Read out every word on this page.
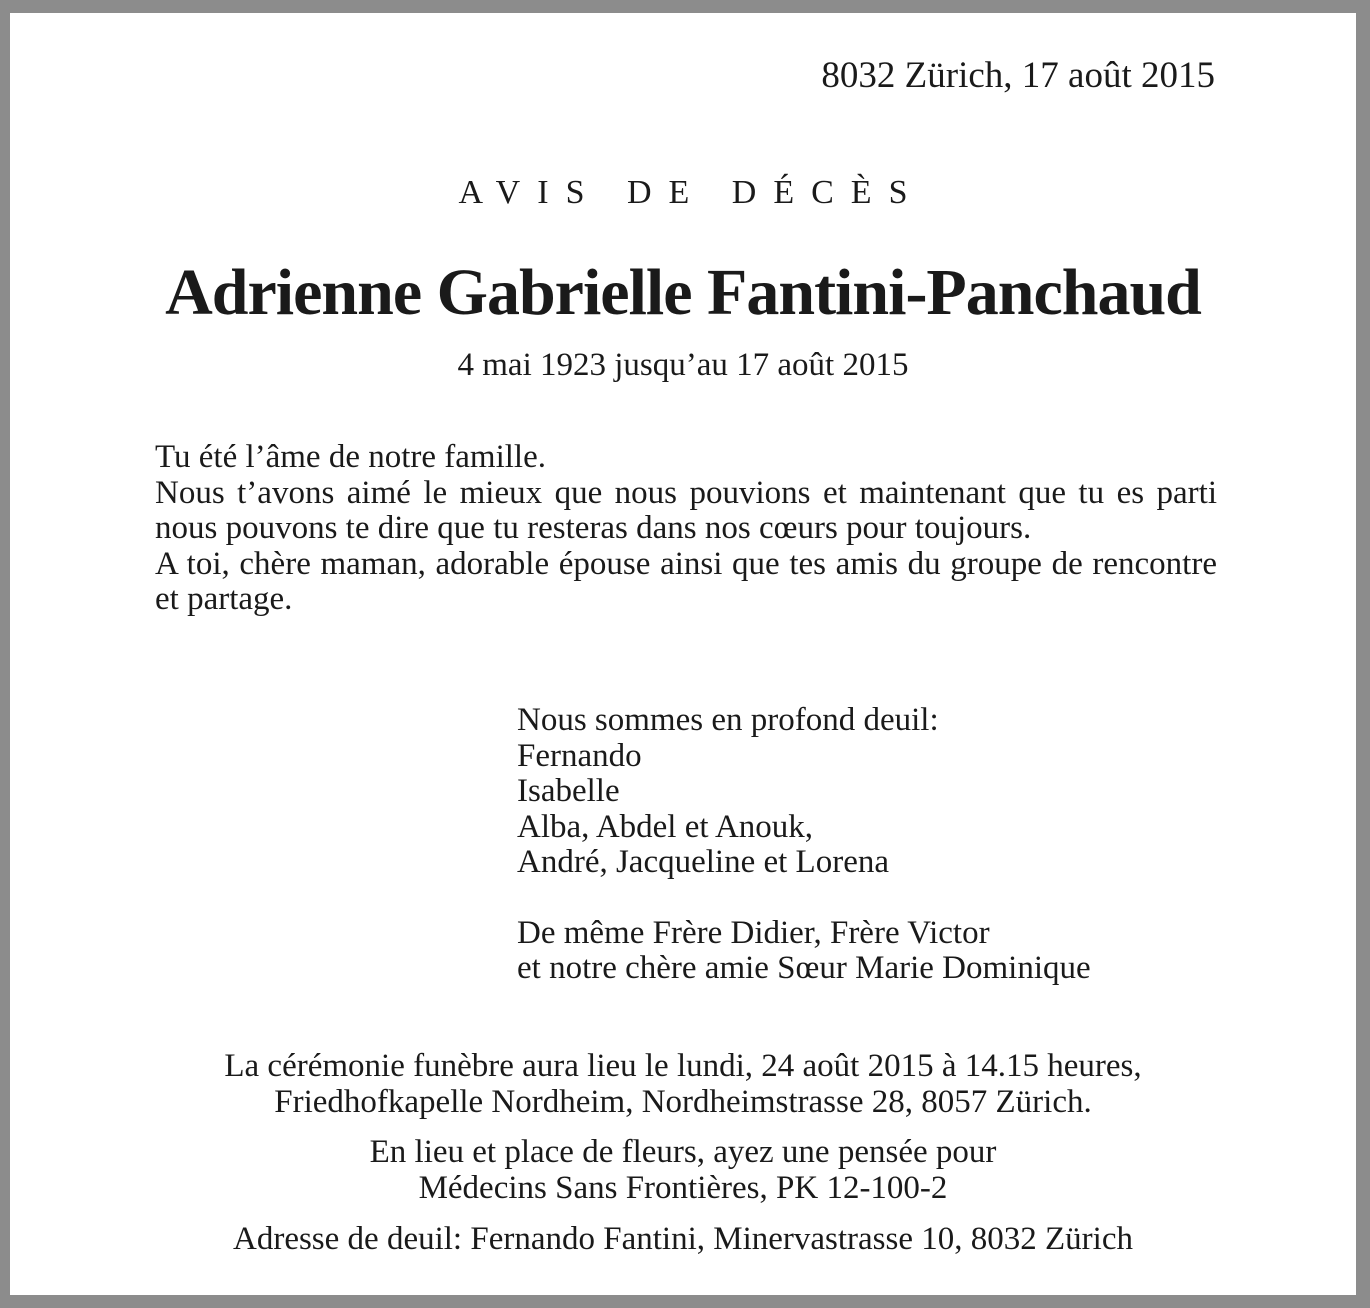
8032 Zürich, 17 août 2015
AVIS DE DÉCÈS
Adrienne Gabrielle Fantini-Panchaud
4 mai 1923 jusqu’au 17 août 2015

Tu été l’âme de notre famille.

Nous t’avons aimé le mieux que nous pouvions et maintenant que tu es parti nous pouvons te dire que tu resteras dans nos cœurs pour toujours.

A toi, chère maman, adorable épouse ainsi que tes amis du groupe de rencontre et partage.

Nous sommes en profond deuil:
Fernando
Isabelle
Alba, Abdel et Anouk,
André, Jacqueline et Lorena
De même Frère Didier, Frère Victor
et notre chère amie Sœur Marie Dominique
La cérémonie funèbre aura lieu le lundi, 24 août 2015 à 14.15 heures,
Friedhofkapelle Nordheim, Nordheimstrasse 28, 8057 Zürich.
En lieu et place de fleurs, ayez une pensée pour
Médecins Sans Frontières, PK 12-100-2
Adresse de deuil: Fernando Fantini, Minervastrasse 10, 8032 Zürich
